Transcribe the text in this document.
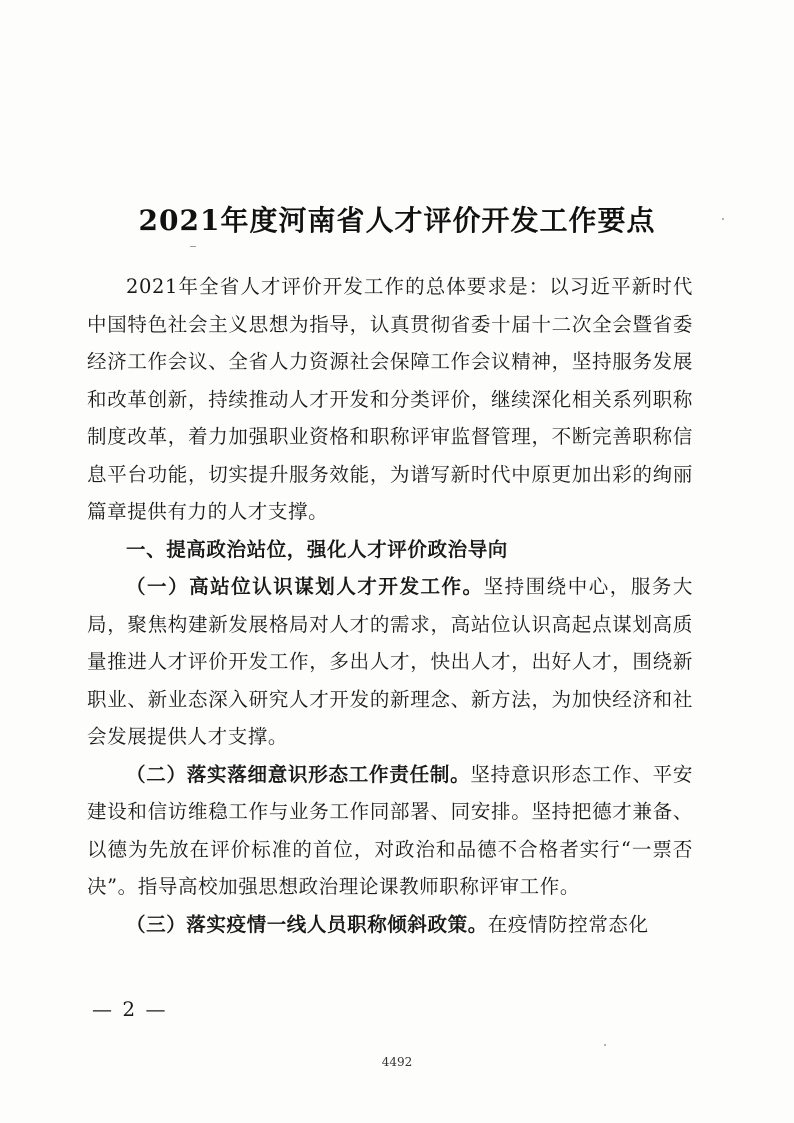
2021年度河南省人才评价开发工作要点

2021年全省人才评价开发工作的总体要求是：以习近平新时代中国特色社会主义思想为指导，认真贯彻省委十届十二次全会暨省委经济工作会议、全省人力资源社会保障工作会议精神，坚持服务发展和改革创新，持续推动人才开发和分类评价，继续深化相关系列职称制度改革，着力加强职业资格和职称评审监督管理，不断完善职称信息平台功能，切实提升服务效能，为谱写新时代中原更加出彩的绚丽篇章提供有力的人才支撑。

一、提高政治站位，强化人才评价政治导向

（一）高站位认识谋划人才开发工作。坚持围绕中心，服务大局，聚焦构建新发展格局对人才的需求，高站位认识高起点谋划高质量推进人才评价开发工作，多出人才，快出人才，出好人才，围绕新职业、新业态深入研究人才开发的新理念、新方法，为加快经济和社会发展提供人才支撑。

（二）落实落细意识形态工作责任制。坚持意识形态工作、平安建设和信访维稳工作与业务工作同部署、同安排。坚持把德才兼备、以德为先放在评价标准的首位，对政治和品德不合格者实行“一票否决”。指导高校加强思想政治理论课教师职称评审工作。

（三）落实疫情一线人员职称倾斜政策。在疫情防控常态化

— 2 —
4492
